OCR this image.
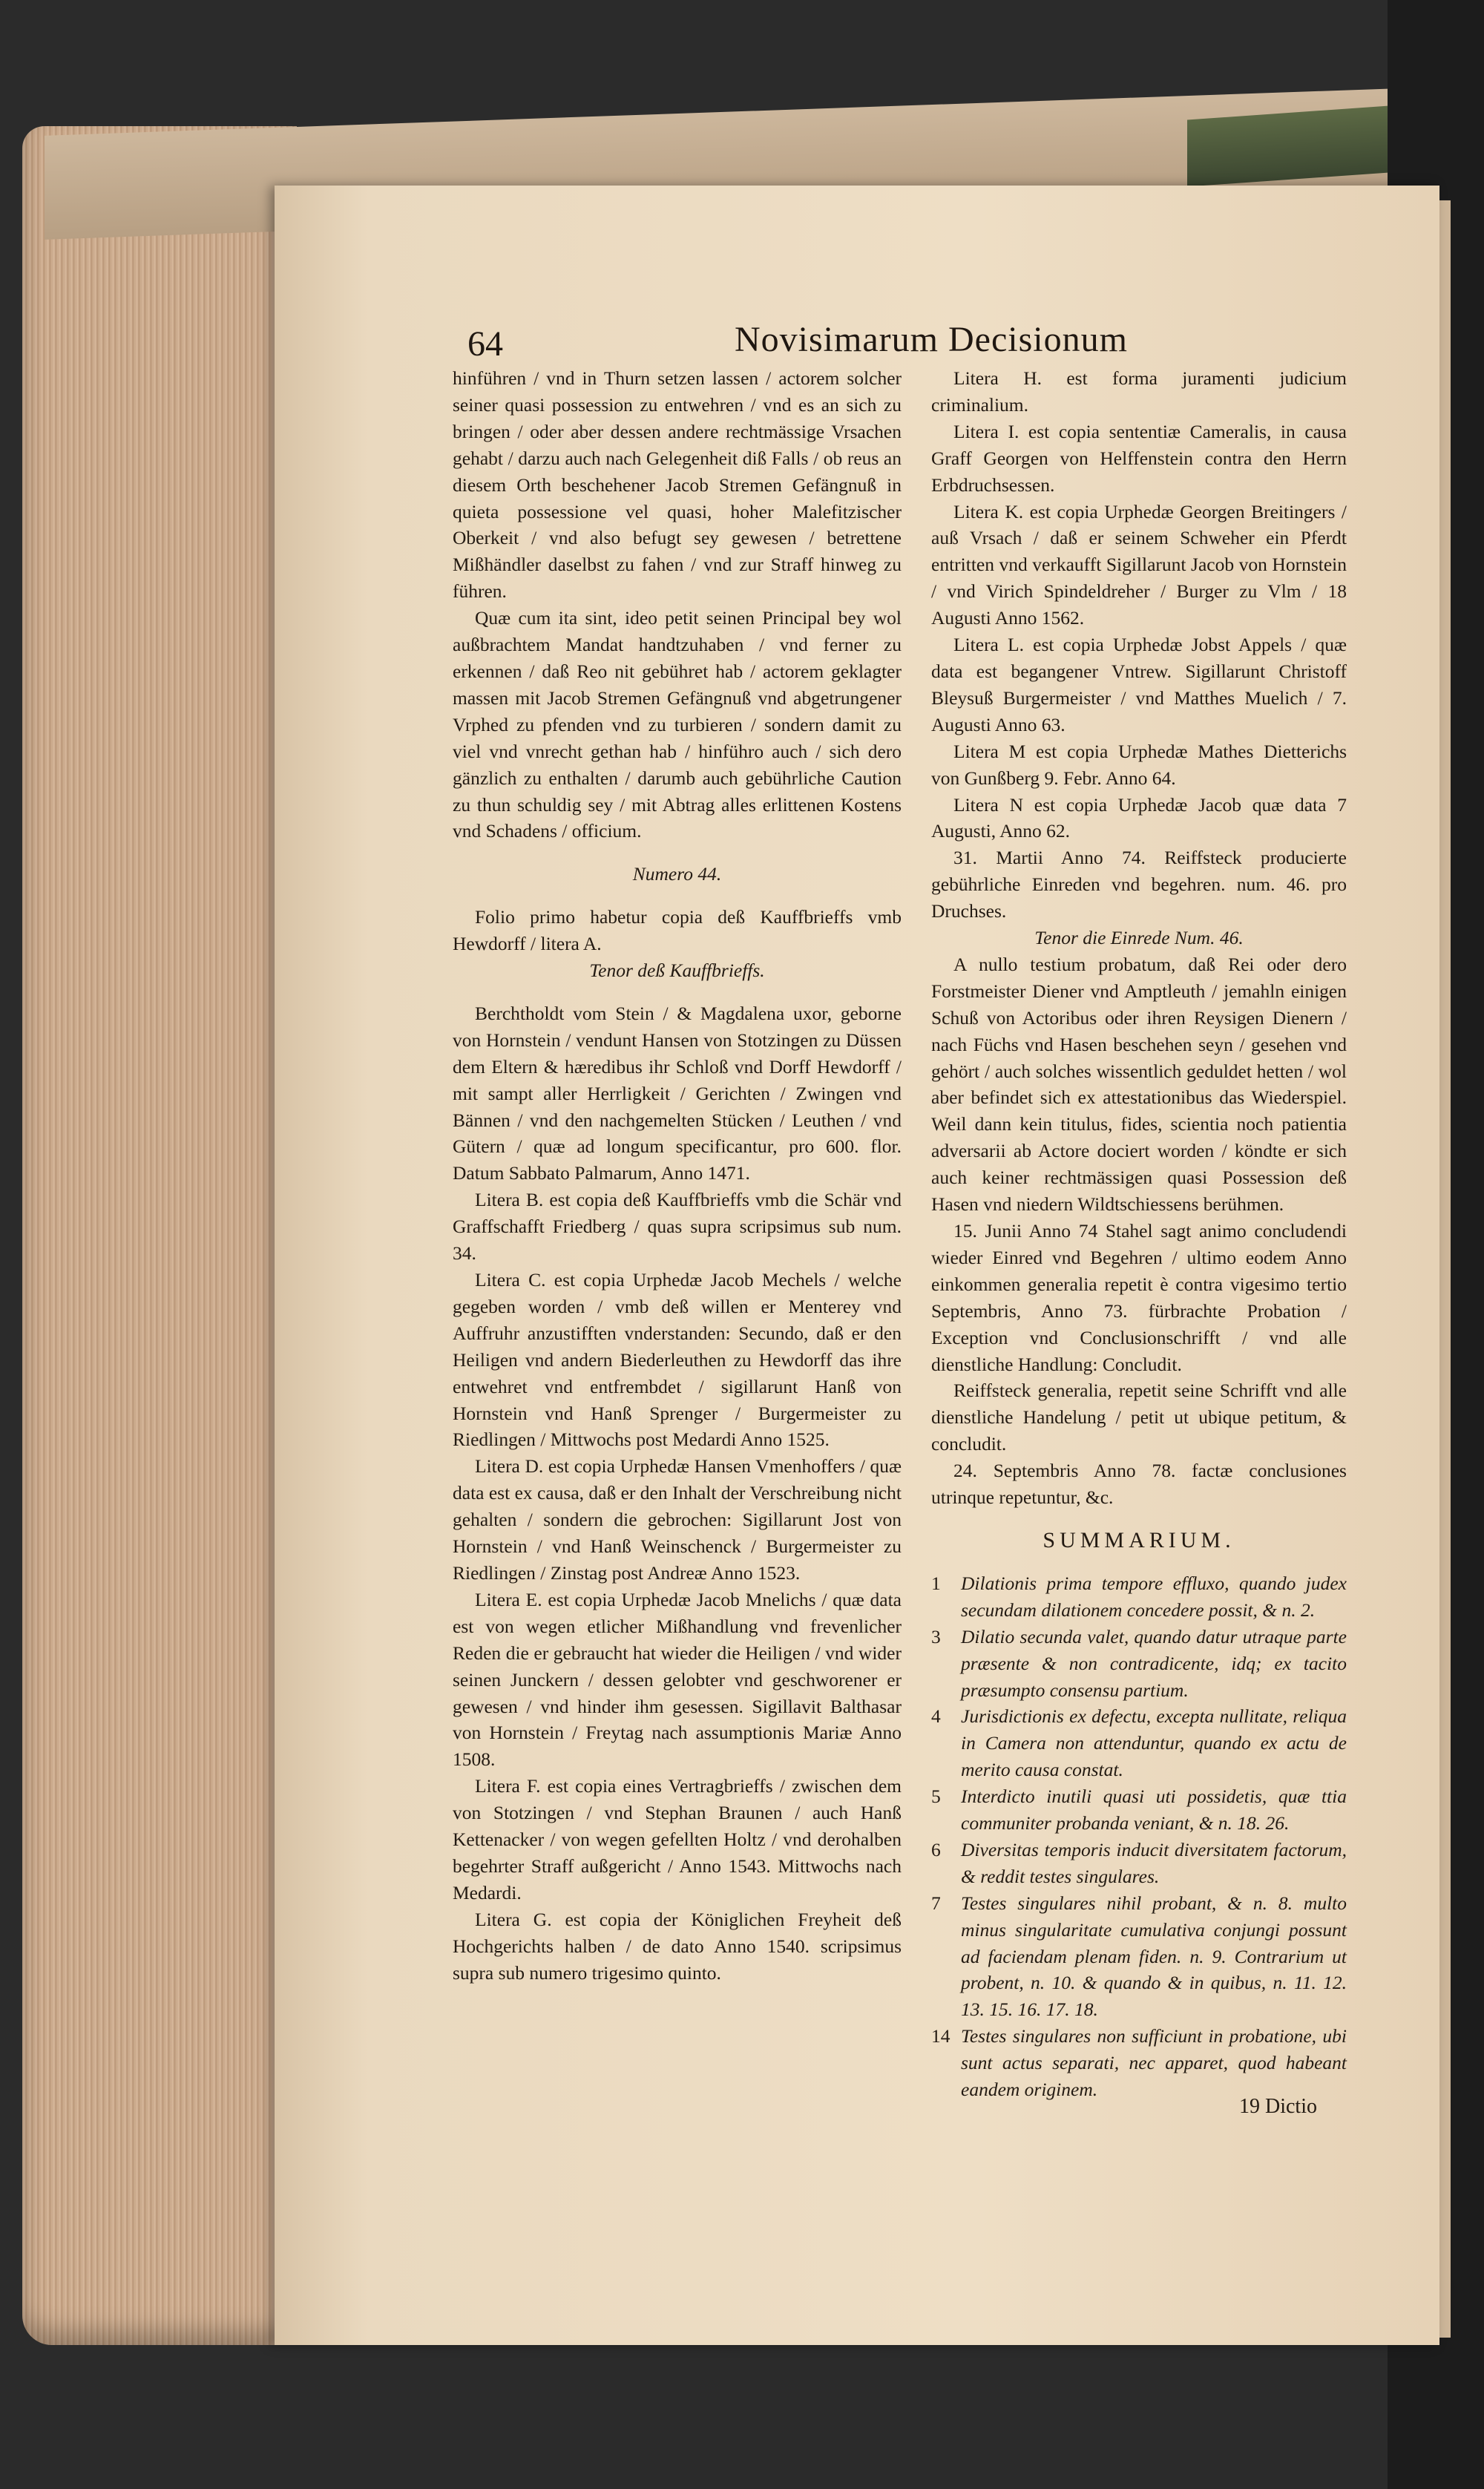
64	Novisimarum Decisionum

hinführen / vnd in Thurn setzen lassen / actorem solcher seiner quasi possession zu entwehren / vnd es an sich zu bringen / oder aber dessen andere rechtmässige Vrsachen gehabt / darzu auch nach Gelegenheit diß Falls / ob reus an diesem Orth beschehener Jacob Stremen Gefängnuß in quieta possessione vel quasi, hoher Malefitzischer Oberkeit / vnd also befugt sey gewesen / betrettene Mißhändler daselbst zu fahen / vnd zur Straff hinweg zu führen.

Quæ cum ita sint, ideo petit seinen Principal bey wol außbrachtem Mandat handtzuhaben / vnd ferner zu erkennen / daß Reo nit gebühret hab / actorem geklagter massen mit Jacob Stremen Gefängnuß vnd abgetrungener Vrphed zu pfenden vnd zu turbieren / sondern damit zu viel vnd vnrecht gethan hab / hinführo auch / sich dero gänzlich zu enthalten / darumb auch gebührliche Caution zu thun schuldig sey / mit Abtrag alles erlittenen Kostens vnd Schadens / officium.

Numero 44.

Folio primo habetur copia deß Kauffbrieffs vmb Hewdorff / litera A.

Tenor deß Kauffbrieffs.

Berchtholdt vom Stein / & Magdalena uxor, geborne von Hornstein / vendunt Hansen von Stotzingen zu Düssen dem Eltern & hæredibus ihr Schloß vnd Dorff Hewdorff / mit sampt aller Herrligkeit / Gerichten / Zwingen vnd Bännen / vnd den nachgemelten Stücken / Leuthen / vnd Gütern / quæ ad longum specificantur, pro 600. flor. Datum Sabbato Palmarum, Anno 1471.

Litera B. est copia deß Kauffbrieffs vmb die Schär vnd Graffschafft Friedberg / quas supra scripsimus sub num. 34.

Litera C. est copia Urphedæ Jacob Mechels / welche gegeben worden / vmb deß willen er Menterey vnd Auffruhr anzustifften vnderstanden: Secundo, daß er den Heiligen vnd andern Biederleuthen zu Hewdorff das ihre entwehret vnd entfrembdet / sigillarunt Hanß von Hornstein vnd Hanß Sprenger / Burgermeister zu Riedlingen / Mittwochs post Medardi Anno 1525.

Litera D. est copia Urphedæ Hansen Vmenhoffers / quæ data est ex causa, daß er den Inhalt der Verschreibung nicht gehalten / sondern die gebrochen: Sigillarunt Jost von Hornstein / vnd Hanß Weinschenck / Burgermeister zu Riedlingen / Zinstag post Andreæ Anno 1523.

Litera E. est copia Urphedæ Jacob Mnelichs / quæ data est von wegen etlicher Mißhandlung vnd frevenlicher Reden die er gebraucht hat wieder die Heiligen / vnd wider seinen Junckern / dessen gelobter vnd geschworener er gewesen / vnd hinder ihm gesessen. Sigillavit Balthasar von Hornstein / Freytag nach assumptionis Mariæ Anno 1508.

Litera F. est copia eines Vertragbrieffs / zwischen dem von Stotzingen / vnd Stephan Braunen / auch Hanß Kettenacker / von wegen gefellten Holtz / vnd derohalben begehrter Straff außgericht / Anno 1543. Mittwochs nach Medardi.

Litera G. est copia der Königlichen Freyheit deß Hochgerichts halben / de dato Anno 1540. scripsimus supra sub numero trigesimo quinto.

Litera H. est forma juramenti judicium criminalium.

Litera I. est copia sententiæ Cameralis, in causa Graff Georgen von Helffenstein contra den Herrn Erbdruchsessen.

Litera K. est copia Urphedæ Georgen Breitingers / auß Vrsach / daß er seinem Schweher ein Pferdt entritten vnd verkaufft Sigillarunt Jacob von Hornstein / vnd Virich Spindeldreher / Burger zu Vlm / 18 Augusti Anno 1562.

Litera L. est copia Urphedæ Jobst Appels / quæ data est begangener Vntrew. Sigillarunt Christoff Bleysuß Burgermeister / vnd Matthes Muelich / 7. Augusti Anno 63.

Litera M est copia Urphedæ Mathes Dietterichs von Gunßberg 9. Febr. Anno 64.

Litera N est copia Urphedæ Jacob quæ data 7 Augusti, Anno 62.

31. Martii Anno 74. Reiffsteck producierte gebührliche Einreden vnd begehren. num. 46. pro Druchses.

Tenor die Einrede Num. 46.

A nullo testium probatum, daß Rei oder dero Forstmeister Diener vnd Amptleuth / jemahln einigen Schuß von Actoribus oder ihren Reysigen Dienern / nach Füchs vnd Hasen beschehen seyn / gesehen vnd gehört / auch solches wissentlich geduldet hetten / wol aber befindet sich ex attestationibus das Wiederspiel. Weil dann kein titulus, fides, scientia noch patientia adversarii ab Actore dociert worden / köndte er sich auch keiner rechtmässigen quasi Possession deß Hasen vnd niedern Wildtschiessens berühmen.

15. Junii Anno 74 Stahel sagt animo concludendi wieder Einred vnd Begehren / ultimo eodem Anno einkommen generalia repetit è contra vigesimo tertio Septembris, Anno 73. fürbrachte Probation / Exception vnd Conclusionschrifft / vnd alle dienstliche Handlung: Concludit.

Reiffsteck generalia, repetit seine Schrifft vnd alle dienstliche Handelung / petit ut ubique petitum, & concludit.

24. Septembris Anno 78. factæ conclusiones utrinque repetuntur, &c.

SUMMARIUM.

1 Dilationis prima tempore effluxo, quando judex secundam dilationem concedere possit, & n. 2.

3 Dilatio secunda valet, quando datur utraque parte præsente & non contradicente, idq; ex tacito præsumpto consensu partium.

4 Jurisdictionis ex defectu, excepta nullitate, reliqua in Camera non attenduntur, quando ex actu de merito causa constat.

5 Interdicto inutili quasi uti possidetis, quæ ttia communiter probanda veniant, & n. 18. 26.

6 Diversitas temporis inducit diversitatem factorum, & reddit testes singulares.

7 Testes singulares nihil probant, & n. 8. multo minus singularitate cumulativa conjungi possunt ad faciendam plenam fiden. n. 9. Contrarium ut probent, n. 10. & quando & in quibus, n. 11. 12. 13. 15. 16. 17. 18.

14 Testes singulares non sufficiunt in probatione, ubi sunt actus separati, nec apparet, quod habeant eandem originem.

19 Dictio
